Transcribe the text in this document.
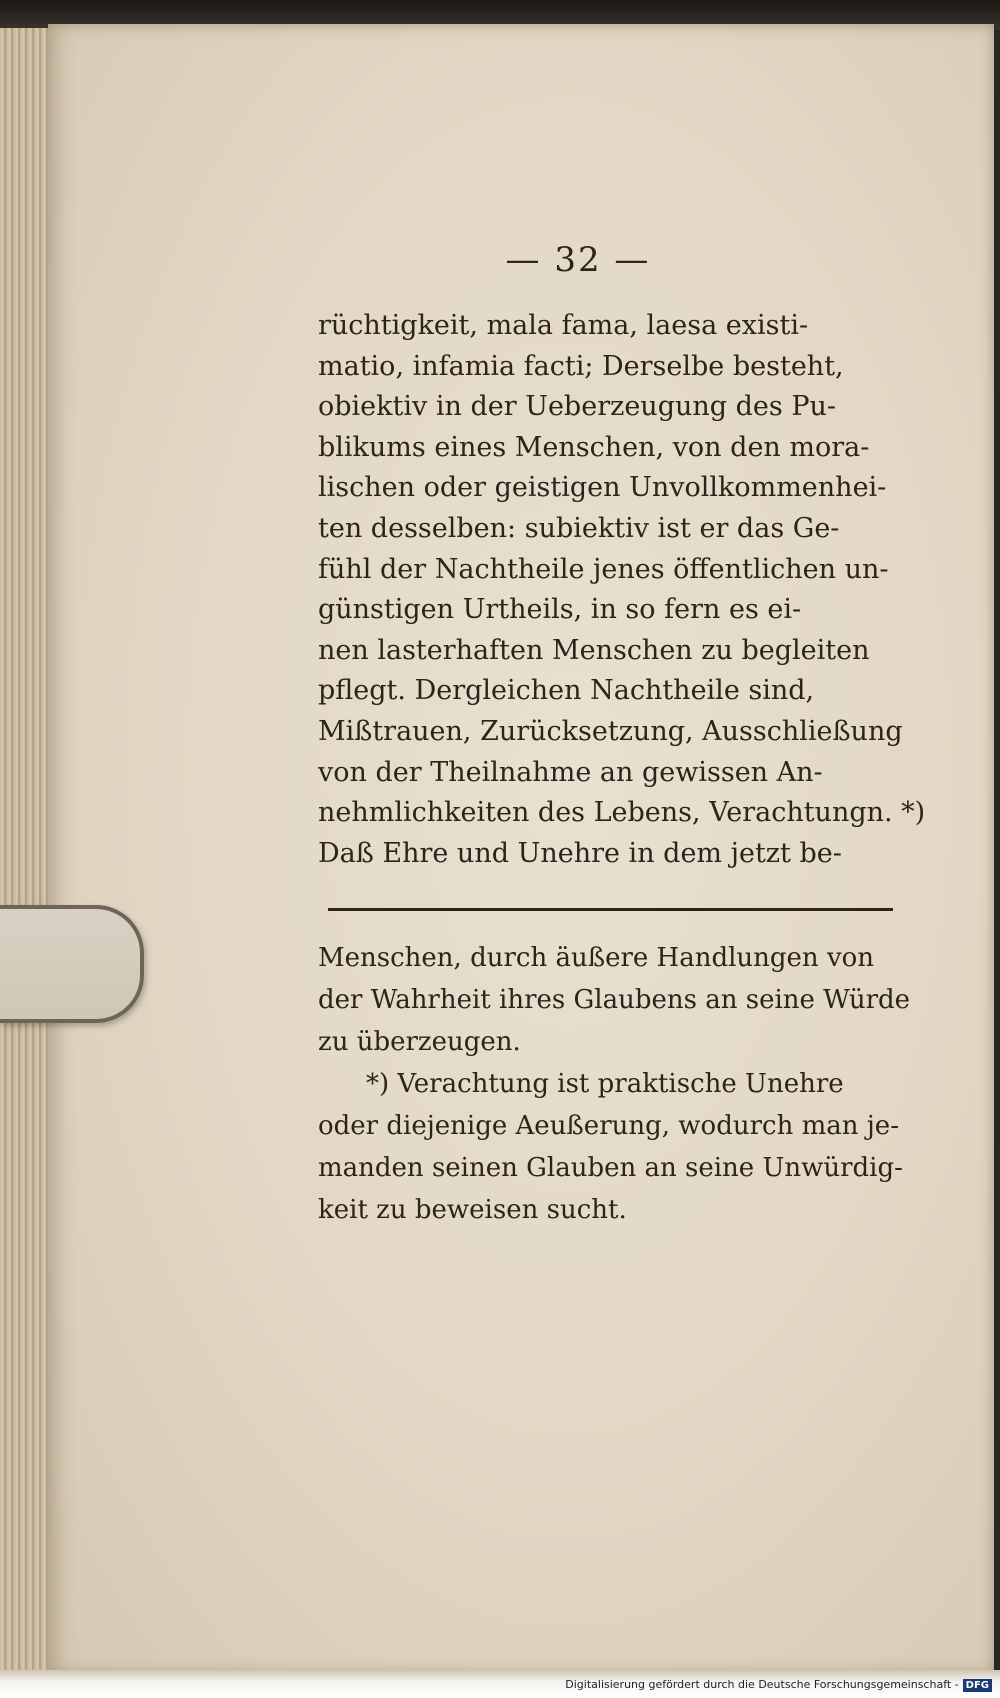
— 32 —
rüchtigkeit, mala fama, laesa existi-
matio, infamia facti; Derselbe besteht,
obiektiv in der Ueberzeugung des Pu-
blikums eines Menschen, von den mora-
lischen oder geistigen Unvollkommenhei-
ten desselben: subiektiv ist er das Ge-
fühl der Nachtheile jenes öffentlichen un-
günstigen Urtheils, in so fern es ei-
nen lasterhaften Menschen zu begleiten
pflegt. Dergleichen Nachtheile sind,
Mißtrauen, Zurücksetzung, Ausschließung
von der Theilnahme an gewissen An-
nehmlichkeiten des Lebens, Verachtungn. *)
Daß Ehre und Unehre in dem jetzt be-
Menschen, durch äußere Handlungen von
der Wahrheit ihres Glaubens an seine Würde
zu überzeugen.
*) Verachtung ist praktische Unehre
oder diejenige Aeußerung, wodurch man je-
manden seinen Glauben an seine Unwürdig-
keit zu beweisen sucht.
Digitalisierung gefördert durch die Deutsche Forschungsgemeinschaft - DFG
